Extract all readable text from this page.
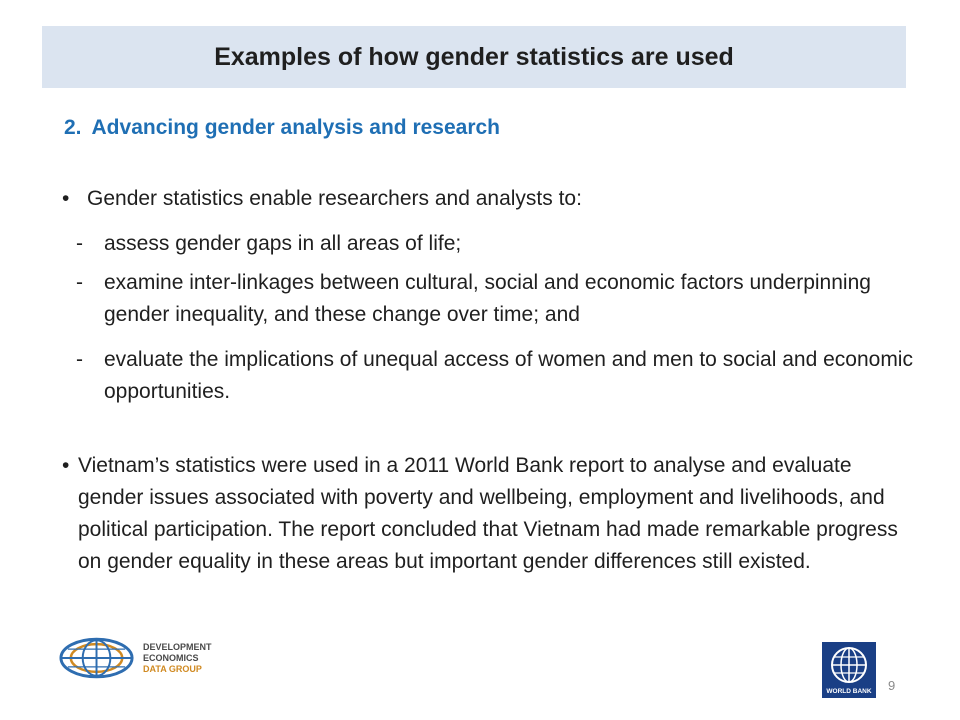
Examples of how gender statistics are used
2. Advancing gender analysis and research
• Gender statistics enable researchers and analysts to:
- assess gender gaps in all areas of life;
- examine inter-linkages between cultural, social and economic factors underpinning gender inequality, and these change over time; and
- evaluate the implications of unequal access of women and men to social and economic opportunities.
• Vietnam’s statistics were used in a 2011 World Bank report to analyse and evaluate gender issues associated with poverty and wellbeing, employment and livelihoods, and political participation. The report concluded that Vietnam had made remarkable progress on gender equality in these areas but important gender differences still existed.
DEVELOPMENT ECONOMICS
DATA GROUP
WORLD BANK 9
